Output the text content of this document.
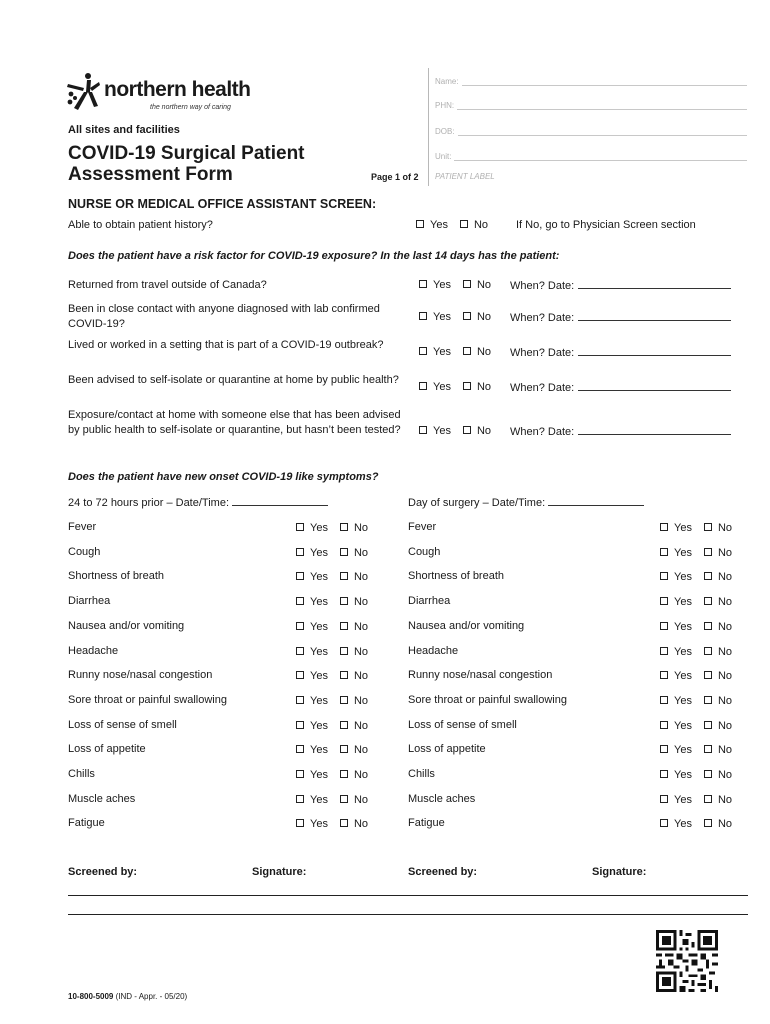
northern health
the northern way of caring
All sites and facilities
COVID-19 Surgical Patient
Assessment Form	Page 1 of 2
Name:
PHN:
DOB:
Unit:
PATIENT LABEL
NURSE OR MEDICAL OFFICE ASSISTANT SCREEN:
Able to obtain patient history?	Yes No	If No, go to Physician Screen section
Does the patient have a risk factor for COVID-19 exposure? In the last 14 days has the patient:
Returned from travel outside of Canada?	Yes No When? Date:
Been in close contact with anyone diagnosed with lab confirmed COVID-19?
Yes No When? Date:
Lived or worked in a setting that is part of a COVID-19 outbreak?
Yes No When? Date:
Been advised to self-isolate or quarantine at home by public health?
Yes No When? Date:
Exposure/contact at home with someone else that has been advised by public health to self-isolate or quarantine, but hasn’t been tested?	Yes No When? Date:
Does the patient have new onset COVID-19 like symptoms?
24 to 72 hours prior – Date/Time:	Day of surgery – Date/Time:
Fever	Yes No	Fever	Yes No
Cough	Yes No	Cough	Yes No
Shortness of breath	Yes No	Shortness of breath	Yes No
Diarrhea	Yes No	Diarrhea	Yes No
Nausea and/or vomiting	Yes No	Nausea and/or vomiting	Yes No
Headache	Yes No	Headache	Yes No
Runny nose/nasal congestion	Yes No	Runny nose/nasal congestion	Yes No
Sore throat or painful swallowing	Yes No	Sore throat or painful swallowing	Yes No
Loss of sense of smell	Yes No	Loss of sense of smell	Yes No
Loss of appetite	Yes No	Loss of appetite	Yes No
Chills	Yes No	Chills	Yes No
Muscle aches	Yes No	Muscle aches	Yes No
Fatigue	Yes No	Fatigue	Yes No
Screened by:	Signature:	Screened by:	Signature:
10-800-5009 (IND - Appr. - 05/20)
